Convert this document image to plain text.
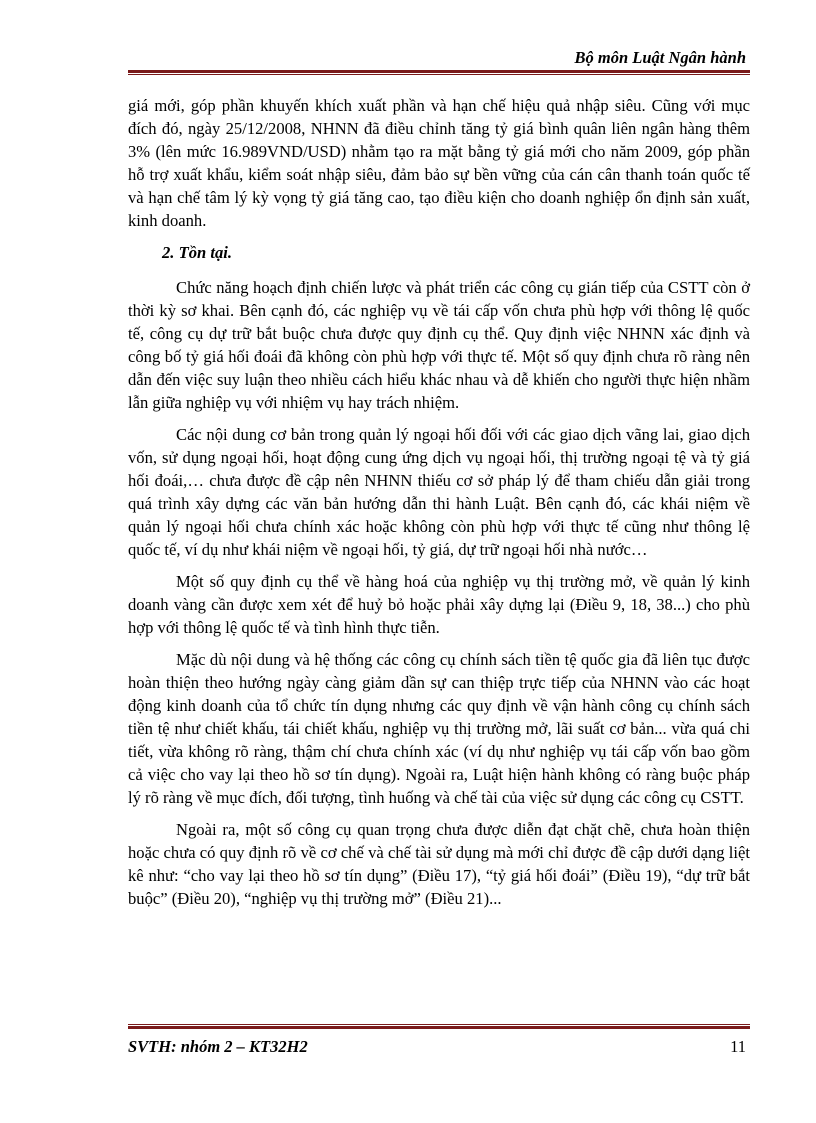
Bộ môn Luật Ngân hành

giá mới, góp phần khuyến khích xuất phần và hạn chế hiệu quả nhập siêu. Cũng với mục đích đó, ngày 25/12/2008, NHNN đã điều chỉnh tăng tỷ giá bình quân liên ngân hàng thêm 3% (lên mức 16.989VND/USD) nhằm tạo ra mặt bằng tỷ giá mới cho năm 2009, góp phần hỗ trợ xuất khẩu, kiểm soát nhập siêu, đảm bảo sự bền vững của cán cân thanh toán quốc tế và hạn chế tâm lý kỳ vọng tỷ giá tăng cao, tạo điều kiện cho doanh nghiệp ổn định sản xuất, kinh doanh.

2. Tồn tại.

Chức năng hoạch định chiến lược và phát triển các công cụ gián tiếp của CSTT còn ở thời kỳ sơ khai. Bên cạnh đó, các nghiệp vụ về tái cấp vốn chưa phù hợp với thông lệ quốc tế, công cụ dự trữ bắt buộc chưa được quy định cụ thể. Quy định việc NHNN xác định và công bố tỷ giá hối đoái đã không còn phù hợp với thực tế. Một số quy định chưa rõ ràng nên dẫn đến việc suy luận theo nhiều cách hiểu khác nhau và dễ khiến cho người thực hiện nhầm lẫn giữa nghiệp vụ với nhiệm vụ hay trách nhiệm.

Các nội dung cơ bản trong quản lý ngoại hối đối với các giao dịch vãng lai, giao dịch vốn, sử dụng ngoại hối, hoạt động cung ứng dịch vụ ngoại hối, thị trường ngoại tệ và tỷ giá hối đoái,… chưa được đề cập nên NHNN thiếu cơ sở pháp lý để tham chiếu dẫn giải trong quá trình xây dựng các văn bản hướng dẫn thi hành Luật. Bên cạnh đó, các khái niệm về quản lý ngoại hối chưa chính xác hoặc không còn phù hợp với thực tế cũng như thông lệ quốc tế, ví dụ như khái niệm về ngoại hối, tỷ giá, dự trữ ngoại hối nhà nước…

Một số quy định cụ thể về hàng hoá của nghiệp vụ thị trường mở, về quản lý kinh doanh vàng cần được xem xét để huỷ bỏ hoặc phải xây dựng lại (Điều 9, 18, 38...) cho phù hợp với thông lệ quốc tế và tình hình thực tiễn.

Mặc dù nội dung và hệ thống các công cụ chính sách tiền tệ quốc gia đã liên tục được hoàn thiện theo hướng ngày càng giảm dần sự can thiệp trực tiếp của NHNN vào các hoạt động kinh doanh của tổ chức tín dụng nhưng các quy định về vận hành công cụ chính sách tiền tệ như chiết khấu, tái chiết khấu, nghiệp vụ thị trường mở, lãi suất cơ bản... vừa quá chi tiết, vừa không rõ ràng, thậm chí chưa chính xác (ví dụ như nghiệp vụ tái cấp vốn bao gồm cả việc cho vay lại theo hồ sơ tín dụng). Ngoài ra, Luật hiện hành không có ràng buộc pháp lý rõ ràng về mục đích, đối tượng, tình huống và chế tài của việc sử dụng các công cụ CSTT.

Ngoài ra, một số công cụ quan trọng chưa được diễn đạt chặt chẽ, chưa hoàn thiện hoặc chưa có quy định rõ về cơ chế và chế tài sử dụng mà mới chỉ được đề cập dưới dạng liệt kê như: “cho vay lại theo hồ sơ tín dụng” (Điều 17), “tỷ giá hối đoái” (Điều 19), “dự trữ bắt buộc” (Điều 20), “nghiệp vụ thị trường mở” (Điều 21)...

SVTH: nhóm 2 – KT32H2	11
